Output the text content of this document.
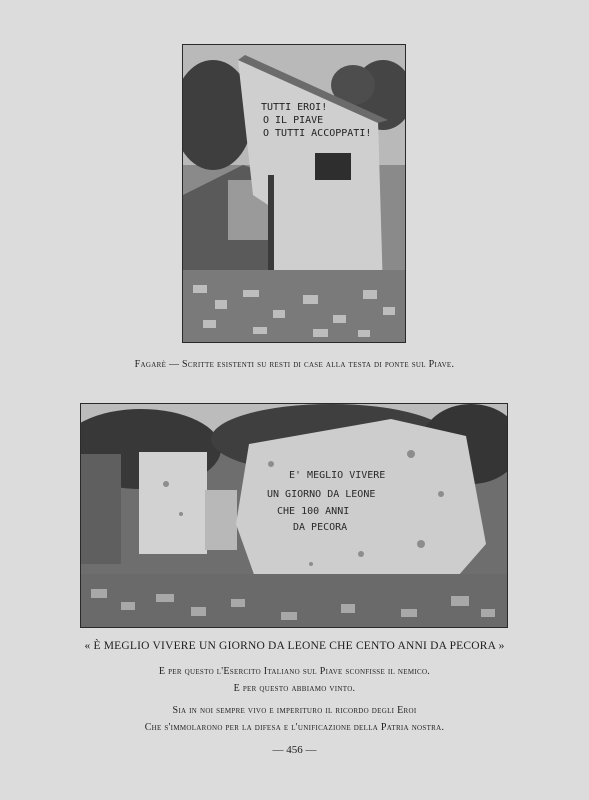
TUTTI EROI!
O IL PIAVE
O TUTTI ACCOPPATI!
Fagarè — Scritte esistenti su resti di case alla testa di ponte sul Piave.
E' MEGLIO VIVERE
UN GIORNO DA LEONE
CHE 100 ANNI
DA PECORA
« È MEGLIO VIVERE UN GIORNO DA LEONE CHE CENTO ANNI DA PECORA »
E per questo l'Esercito Italiano sul Piave sconfisse il nemico.
E per questo abbiamo vinto.
Sia in noi sempre vivo e imperituro il ricordo degli Eroi
Che s'immolarono per la difesa e l'unificazione della Patria nostra.
— 456 —
